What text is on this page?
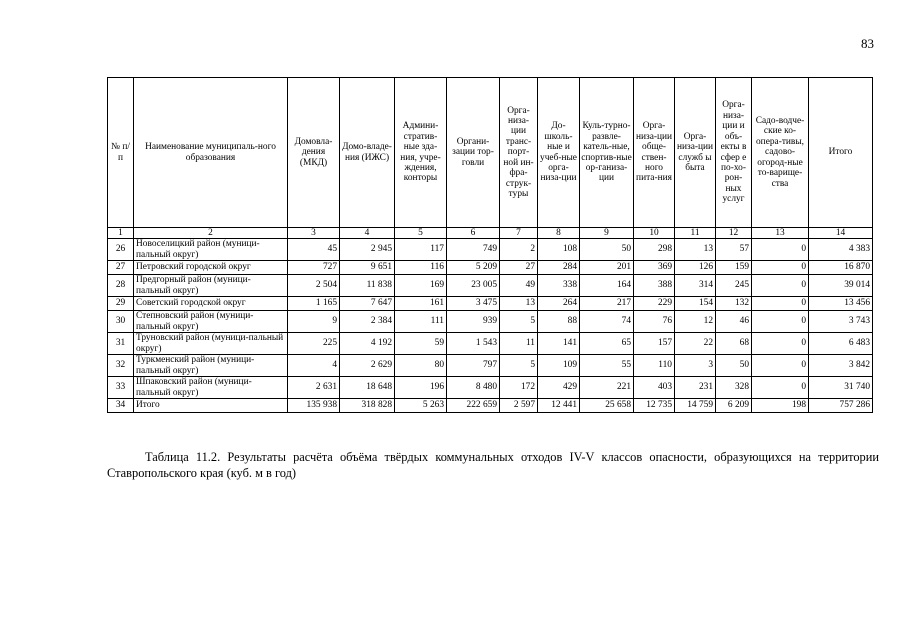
83
№ п/п	Наименование муниципаль-ного образования	Домовла-дения (МКД)	Домо-владе-ния (ИЖС)	Админи-стратив-ные зда-ния, учре-ждения, конторы	Органи-зации тор-говли	Орга-низа-ции транс-порт-ной ин-фра-струк-туры	До-школь-ные и учеб-ные орга-низа-ции	Куль-турно-развле-катель-ные, спортив-ные ор-ганиза-ции	Орга-низа-ции обще-ствен-ного пита-ния	Орга-низа-ции служб ы быта	Орга-низа-ции и объ-екты в сфер е по-хо-рон-ных услуг	Садо-водче-ские ко-опера-тивы, садово-огород-ные то-варище-ства	Итого
1	2	3	4	5	6	7	8	9	10	11	12	13	14
26	Новоселицкий район (муници-пальный округ)	45	2 945	117	749	2	108	50	298	13	57	0	4 383
27	Петровский городской округ	727	9 651	116	5 209	27	284	201	369	126	159	0	16 870
28	Предгорный район (муници-пальный округ)	2 504	11 838	169	23 005	49	338	164	388	314	245	0	39 014
29	Советский городской округ	1 165	7 647	161	3 475	13	264	217	229	154	132	0	13 456
30	Степновский район (муници-пальный округ)	9	2 384	111	939	5	88	74	76	12	46	0	3 743
31	Труновский район (муници-пальный округ)	225	4 192	59	1 543	11	141	65	157	22	68	0	6 483
32	Туркменский район (муници-пальный округ)	4	2 629	80	797	5	109	55	110	3	50	0	3 842
33	Шпаковский район (муници-пальный округ)	2 631	18 648	196	8 480	172	429	221	403	231	328	0	31 740
34	Итого	135 938	318 828	5 263	222 659	2 597	12 441	25 658	12 735	14 759	6 209	198	757 286
Таблица 11.2. Результаты расчёта объёма твёрдых коммунальных отходов IV-V классов опасности, образующихся на территории Ставропольского края (куб. м в год)
